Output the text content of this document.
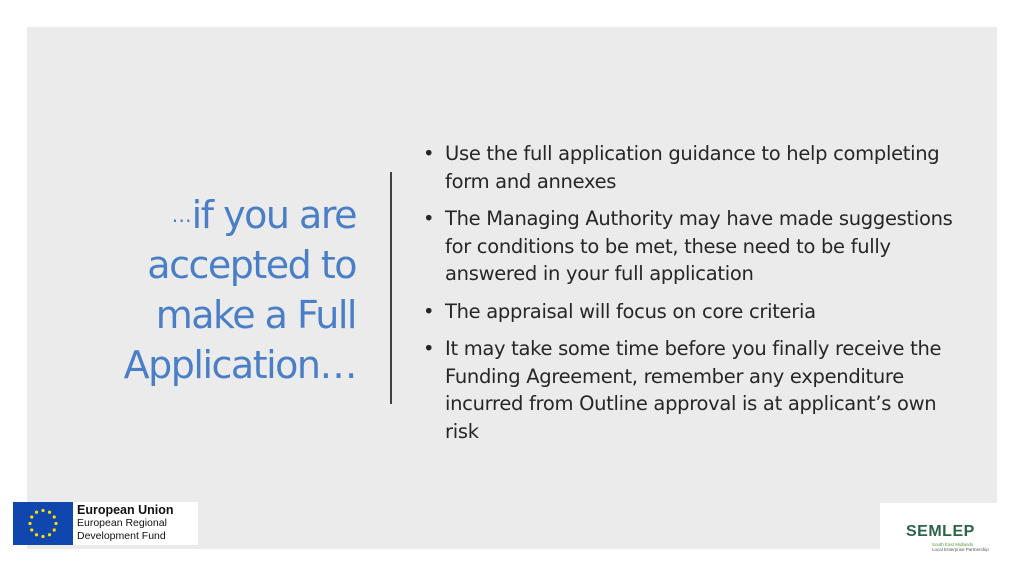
…if you are
accepted to
make a Full
Application…
• Use the full application guidance to help completing form and annexes
• The Managing Authority may have made suggestions for conditions to be met, these need to be fully answered in your full application
• The appraisal will focus on core criteria
• It may take some time before you finally receive the Funding Agreement, remember any expenditure incurred from Outline approval is at applicant’s own risk
European Union
European Regional
Development Fund	SEMLEP
South East Midlands
Local Enterprise Partnership
